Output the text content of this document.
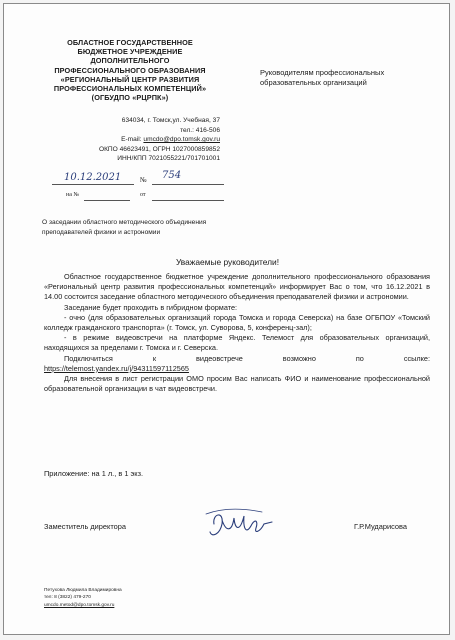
ОБЛАСТНОЕ ГОСУДАРСТВЕННОЕ
БЮДЖЕТНОЕ УЧРЕЖДЕНИЕ
ДОПОЛНИТЕЛЬНОГО
ПРОФЕССИОНАЛЬНОГО ОБРАЗОВАНИЯ
«РЕГИОНАЛЬНЫЙ ЦЕНТР РАЗВИТИЯ
ПРОФЕССИОНАЛЬНЫХ КОМПЕТЕНЦИЙ»
(ОГБУДПО «РЦРПК»)
634034, г. Томск,ул. Учебная, 37
тел.: 416-506
E-mail: umcdo@dpo.tomsk.gov.ru
ОКПО 46623491, ОГРН 1027000859852
ИНН/КПП 7021055221/701701001
Руководителям профессиональных
образовательных организаций
10.12.2021	№ 754
на №	от
О заседании областного методического объединения
преподавателей физики и астрономии
Уважаемые руководители!

Областное государственное бюджетное учреждение дополнительного профессионального образования «Региональный центр развития профессиональных компетенций» информирует Вас о том, что 16.12.2021 в 14.00 состоится заседание областного методического объединения преподавателей физики и астрономии.

Заседание будет проходить в гибридном формате:

- очно (для образовательных организаций города Томска и города Северска) на базе ОГБПОУ «Томский колледж гражданского транспорта» (г. Томск, ул. Суворова, 5, конференц-зал);

- в режиме видеовстречи на платформе Яндекс. Телемост для образовательных организаций, находящихся за пределами г. Томска и г. Северска.

Подключиться к видеовстрече возможно по ссылке:

https://telemost.yandex.ru/j/94311597112565

Для внесения в лист регистрации ОМО просим Вас написать ФИО и наименование профессиональной образовательной организации в чат видеовстречи.

Приложение: на 1 л., в 1 экз.
Заместитель директора	Г.Р.Мударисова
Петухова Людмила Владимировна
тел: 8 (3822) 479-270
umcdo.metod@dpo.tomsk.gov.ru
